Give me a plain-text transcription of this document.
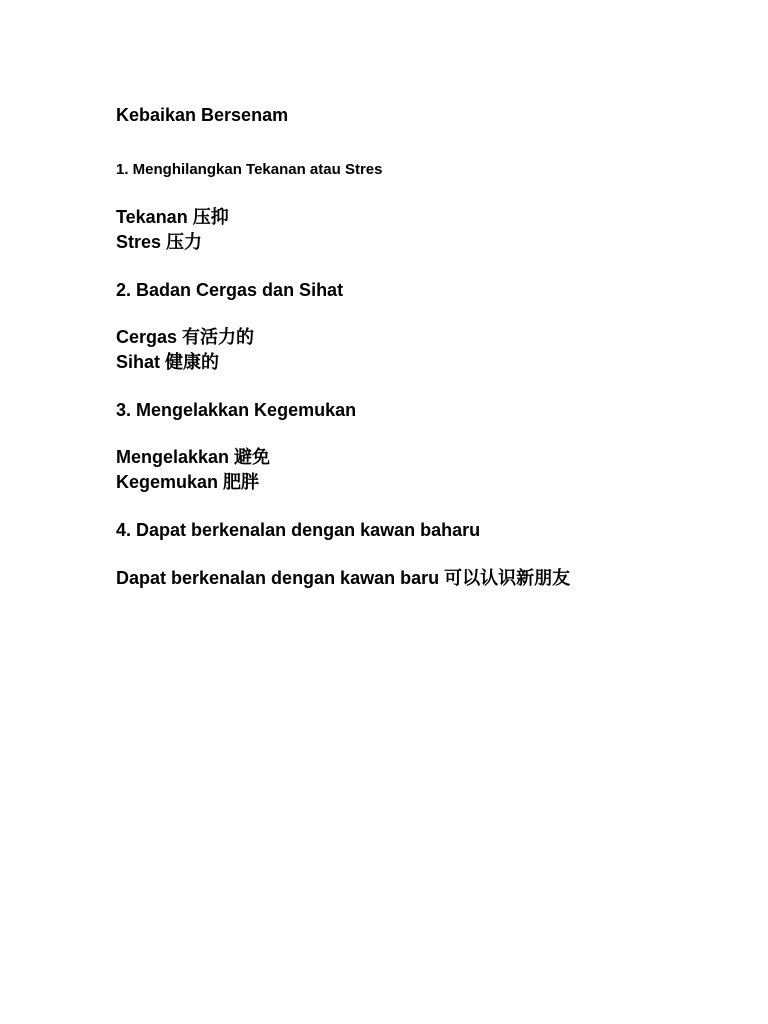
Kebaikan Bersenam
1. Menghilangkan Tekanan atau Stres
Tekanan 压抑
Stres 压力
2. Badan Cergas dan Sihat
Cergas 有活力的
Sihat 健康的
3. Mengelakkan Kegemukan
Mengelakkan 避免
Kegemukan 肥胖
4. Dapat berkenalan dengan kawan baharu
Dapat berkenalan dengan kawan baru 可以认识新朋友
